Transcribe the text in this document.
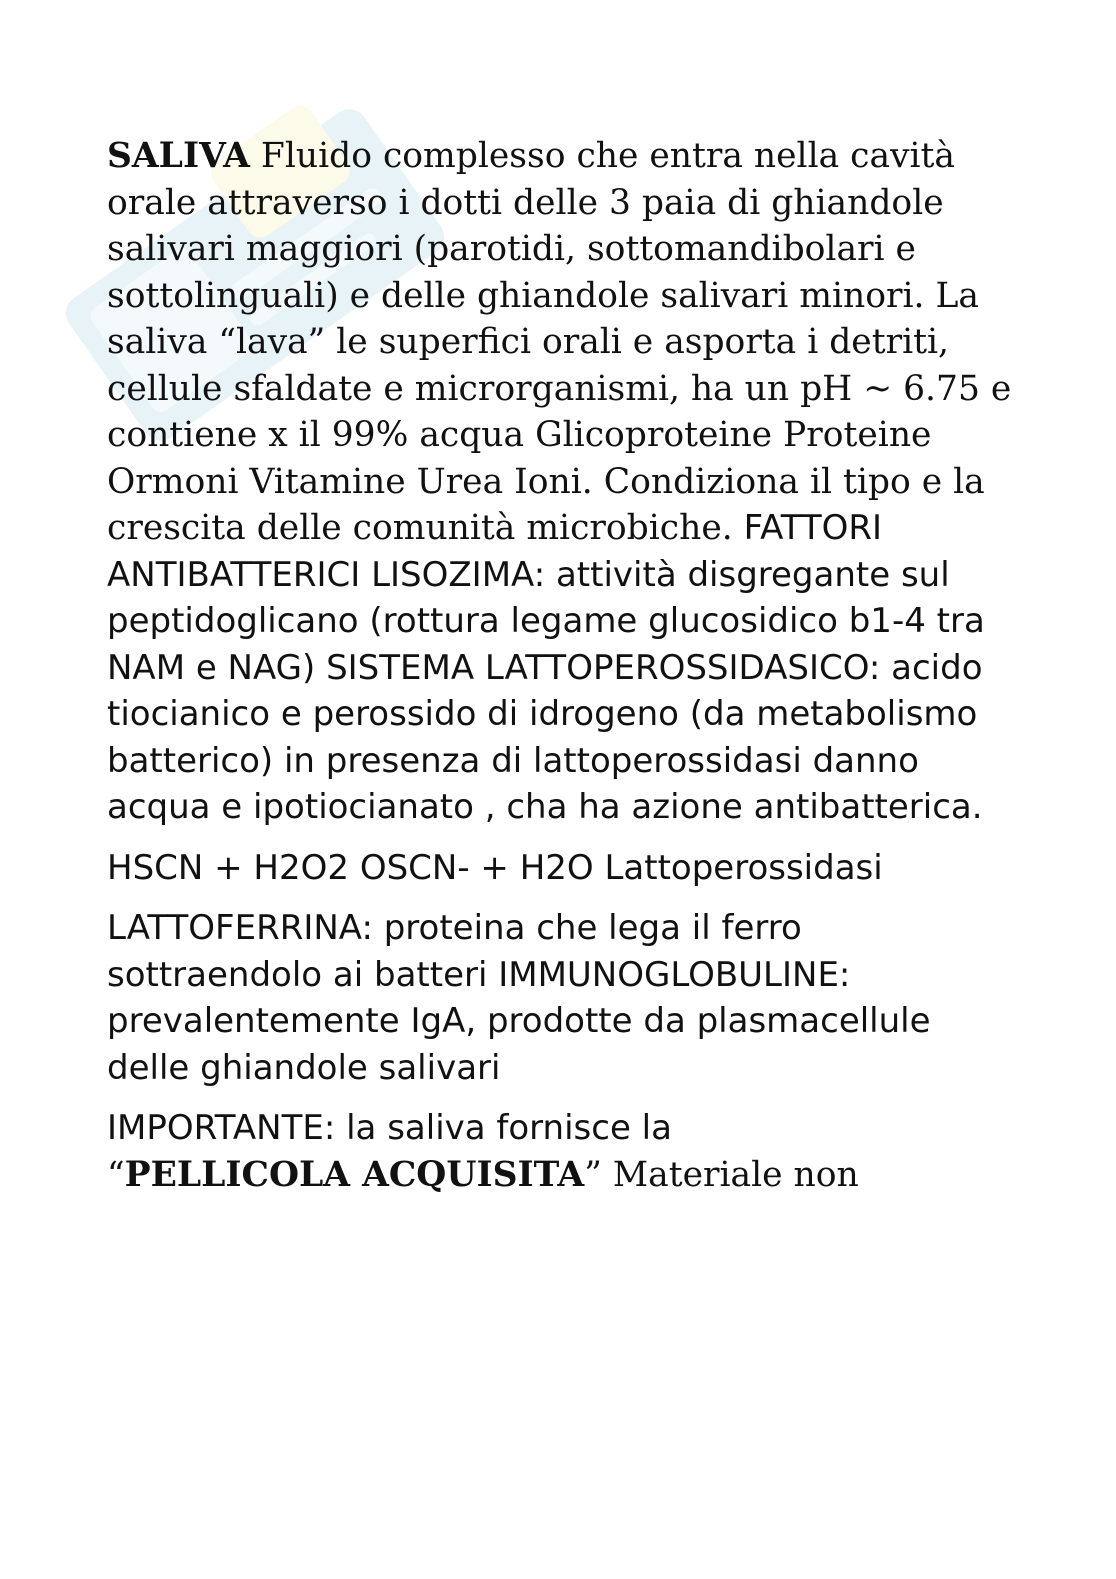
SALIVA Fluido complesso che entra nella cavità orale attraverso i dotti delle 3 paia di ghiandole salivari maggiori (parotidi, sottomandibolari e sottolinguali) e delle ghiandole salivari minori. La saliva “lava” le superfici orali e asporta i detriti, cellule sfaldate e microrganismi, ha un pH ~ 6.75 e contiene x il 99% acqua Glicoproteine Proteine Ormoni Vitamine Urea Ioni. Condiziona il tipo e la crescita delle comunità microbiche. FATTORI ANTIBATTERICI LISOZIMA: attività disgregante sul peptidoglicano (rottura legame glucosidico b1-4 tra NAM e NAG) SISTEMA LATTOPEROSSIDASICO: acido tiocianico e perossido di idrogeno (da metabolismo batterico) in presenza di lattoperossidasi danno acqua e ipotiocianato , cha ha azione antibatterica.

HSCN + H2O2 OSCN- + H2O Lattoperossidasi

LATTOFERRINA: proteina che lega il ferro sottraendolo ai batteri IMMUNOGLOBULINE: prevalentemente IgA, prodotte da plasmacellule delle ghiandole salivari

IMPORTANTE: la saliva fornisce la
“PELLICOLA ACQUISITA” Materiale non
